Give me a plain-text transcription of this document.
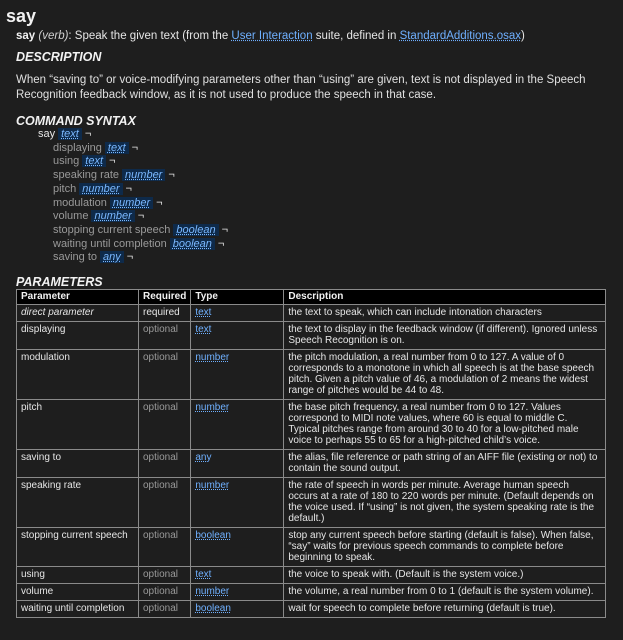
say
say (verb): Speak the given text (from the User Interaction suite, defined in StandardAdditions.osax)
DESCRIPTION
When “saving to” or voice-modifying parameters other than “using” are given, text is not displayed in the Speech Recognition feedback window, as it is not used to produce the speech in that case.
COMMAND SYNTAX
say text ¬
displaying text ¬
using text ¬
speaking rate number ¬
pitch number ¬
modulation number ¬
volume number ¬
stopping current speech boolean ¬
waiting until completion boolean ¬
saving to any ¬
PARAMETERS
Parameter	Required	Type	Description
direct parameter	required	text	the text to speak, which can include intonation characters
displaying	optional	text	the text to display in the feedback window (if different). Ignored unless Speech Recognition is on.
modulation	optional	number	the pitch modulation, a real number from 0 to 127. A value of 0 corresponds to a monotone in which all speech is at the base speech pitch. Given a pitch value of 46, a modulation of 2 means the widest range of pitches would be 44 to 48.
pitch	optional	number	the base pitch frequency, a real number from 0 to 127. Values correspond to MIDI note values, where 60 is equal to middle C. Typical pitches range from around 30 to 40 for a low-pitched male voice to perhaps 55 to 65 for a high-pitched child’s voice.
saving to	optional	any	the alias, file reference or path string of an AIFF file (existing or not) to contain the sound output.
speaking rate	optional	number	the rate of speech in words per minute. Average human speech occurs at a rate of 180 to 220 words per minute. (Default depends on the voice used. If “using” is not given, the system speaking rate is the default.)
stopping current speech	optional	boolean	stop any current speech before starting (default is false). When false, “say” waits for previous speech commands to complete before beginning to speak.
using	optional	text	the voice to speak with. (Default is the system voice.)
volume	optional	number	the volume, a real number from 0 to 1 (default is the system volume).
waiting until completion	optional	boolean	wait for speech to complete before returning (default is true).
